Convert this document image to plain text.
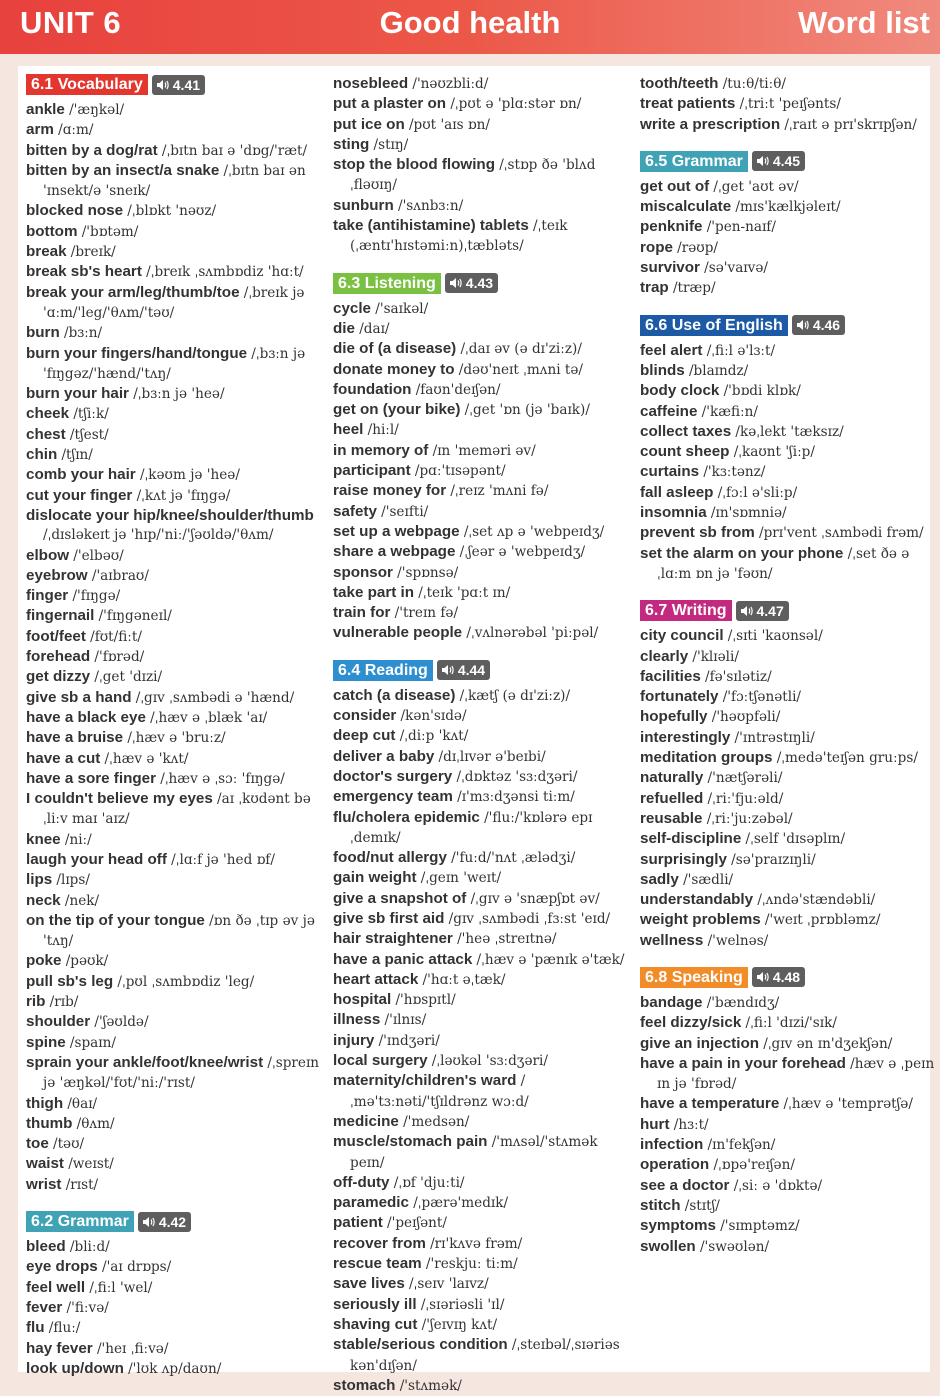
UNIT 6	Good health	Word list
6.1 Vocabulary	4.41

ankle /'æŋkəl/

arm /ɑːm/

bitten by a dog/rat /ˌbɪtn baɪ ə 'dɒg/'ræt/

bitten by an insect/a snake /ˌbɪtn baɪ ən 'ɪnsekt/ə 'sneɪk/

blocked nose /ˌblɒkt 'nəʊz/

bottom /'bɒtəm/

break /breɪk/

break sb's heart /ˌbreɪk ˌsʌmbɒdiz 'hɑːt/

break your arm/leg/thumb/toe /ˌbreɪk jə 'ɑːm/'leg/'θʌm/'təʊ/

burn /bɜːn/

burn your fingers/hand/tongue /ˌbɜːn jə 'fɪŋgəz/'hænd/'tʌŋ/

burn your hair /ˌbɜːn jə 'heə/

cheek /tʃiːk/

chest /tʃest/

chin /tʃɪn/

comb your hair /ˌkəʊm jə 'heə/

cut your finger /ˌkʌt jə 'fɪŋgə/

dislocate your hip/knee/shoulder/thumb /ˌdɪsləkeɪt jə 'hɪp/'niː/'ʃəʊldə/'θʌm/

elbow /'elbəʊ/

eyebrow /'aɪbraʊ/

finger /'fɪŋgə/

fingernail /'fɪŋgəneɪl/

foot/feet /fʊt/fiːt/

forehead /'fɒrəd/

get dizzy /ˌget 'dɪzi/

give sb a hand /ˌgɪv ˌsʌmbədi ə 'hænd/

have a black eye /ˌhæv ə ˌblæk 'aɪ/

have a bruise /ˌhæv ə 'bruːz/

have a cut /ˌhæv ə 'kʌt/

have a sore finger /ˌhæv ə ˌsɔː 'fɪŋgə/

I couldn't believe my eyes /aɪ ˌkʊdənt bəˌliːv maɪ 'aɪz/

knee /niː/

laugh your head off /ˌlɑːf jə 'hed ɒf/

lips /lɪps/

neck /nek/

on the tip of your tongue /ɒn ðə ˌtɪp əv jə 'tʌŋ/

poke /pəʊk/

pull sb's leg /ˌpʊl ˌsʌmbɒdiz 'leg/

rib /rɪb/

shoulder /'ʃəʊldə/

spine /spaɪn/

sprain your ankle/foot/knee/wrist /ˌspreɪn jə 'æŋkəl/'fʊt/'niː/'rɪst/

thigh /θaɪ/

thumb /θʌm/

toe /təʊ/

waist /weɪst/

wrist /rɪst/

6.2 Grammar	4.42

bleed /bliːd/

eye drops /'aɪ drɒps/

feel well /ˌfiːl 'wel/

fever /'fiːvə/

flu /fluː/

hay fever /'heɪ ˌfiːvə/

look up/down /'lʊk ʌp/daʊn/

nosebleed /'nəʊzbliːd/

put a plaster on /ˌpʊt ə 'plɑːstər ɒn/

put ice on /pʊt 'aɪs ɒn/

sting /stɪŋ/

stop the blood flowing /ˌstɒp ðə 'blʌd ˌfləʊɪŋ/

sunburn /'sʌnbɜːn/

take (antihistamine) tablets /ˌteɪk (ˌæntɪ'hɪstəmiːn)ˌtæbləts/

6.3 Listening	4.43

cycle /'saɪkəl/

die /daɪ/

die of (a disease) /ˌdaɪ əv (ə dɪ'ziːz)/

donate money to /dəʊ'neɪt ˌmʌni tə/

foundation /faʊn'deɪʃən/

get on (your bike) /ˌget 'ɒn (jə 'baɪk)/

heel /hiːl/

in memory of /ɪn 'meməri əv/

participant /pɑː'tɪsəpənt/

raise money for /ˌreɪz 'mʌni fə/

safety /'seɪfti/

set up a webpage /ˌset ʌp ə 'webpeɪdʒ/

share a webpage /ˌʃeər ə 'webpeɪdʒ/

sponsor /'spɒnsə/

take part in /ˌteɪk 'pɑːt ɪn/

train for /'treɪn fə/

vulnerable people /ˌvʌlnərəbəl 'piːpəl/

6.4 Reading	4.44

catch (a disease) /ˌkætʃ (ə dɪ'ziːz)/

consider /kən'sɪdə/

deep cut /ˌdiːp 'kʌt/

deliver a baby /dɪˌlɪvər ə'beɪbi/

doctor's surgery /ˌdɒktəz 'sɜːdʒəri/

emergency team /ɪ'mɜːdʒənsi tiːm/

flu/cholera epidemic /'fluː/'kɒlərə epɪˌdemɪk/

food/nut allergy /'fuːd/'nʌt ˌælədʒi/

gain weight /ˌgeɪn 'weɪt/

give a snapshot of /ˌgɪv ə 'snæpʃɒt əv/

give sb first aid /gɪv ˌsʌmbədi ˌfɜːst 'eɪd/

hair straightener /'heə ˌstreɪtnə/

have a panic attack /ˌhæv ə 'pænɪk ə'tæk/

heart attack /'hɑːt əˌtæk/

hospital /'hɒspɪtl/

illness /'ɪlnɪs/

injury /'ɪndʒəri/

local surgery /ˌləʊkəl 'sɜːdʒəri/

maternity/children's ward /ˌmə'tɜːnəti/'tʃɪldrənz wɔːd/

medicine /'medsən/

muscle/stomach pain /'mʌsəl/'stʌmək peɪn/

off-duty /ˌɒf 'djuːti/

paramedic /ˌpærə'medɪk/

patient /'peɪʃənt/

recover from /rɪ'kʌvə frəm/

rescue team /'reskjuː tiːm/

save lives /ˌseɪv 'laɪvz/

seriously ill /ˌsɪəriəsli 'ɪl/

shaving cut /'ʃeɪvɪŋ kʌt/

stable/serious condition /ˌsteɪbəl/ˌsɪəriəs kən'dɪʃən/

stomach /'stʌmək/

tooth/teeth /tuːθ/tiːθ/

treat patients /ˌtriːt 'peɪʃənts/

write a prescription /ˌraɪt ə prɪ'skrɪpʃən/

6.5 Grammar	4.45

get out of /ˌget 'aʊt əv/

miscalculate /mɪs'kælkjəleɪt/

penknife /'pen-naɪf/

rope /rəʊp/

survivor /sə'vaɪvə/

trap /træp/

6.6 Use of English	4.46

feel alert /ˌfiːl ə'lɜːt/

blinds /blaɪndz/

body clock /'bɒdi klɒk/

caffeine /'kæfiːn/

collect taxes /kəˌlekt 'tæksɪz/

count sheep /ˌkaʊnt 'ʃiːp/

curtains /'kɜːtənz/

fall asleep /ˌfɔːl ə'sliːp/

insomnia /ɪn'sɒmniə/

prevent sb from /prɪ'vent ˌsʌmbədi frəm/

set the alarm on your phone /ˌset ðə əˌlɑːm ɒn jə 'fəʊn/

6.7 Writing	4.47

city council /ˌsɪti 'kaʊnsəl/

clearly /'klɪəli/

facilities /fə'sɪlətiz/

fortunately /'fɔːtʃənətli/

hopefully /'həʊpfəli/

interestingly /'ɪntrəstɪŋli/

meditation groups /ˌmedə'teɪʃən gruːps/

naturally /'nætʃərəli/

refuelled /ˌriː'fjuːəld/

reusable /ˌriː'juːzəbəl/

self-discipline /ˌself 'dɪsəplɪn/

surprisingly /sə'praɪzɪŋli/

sadly /'sædli/

understandably /ˌʌndə'stændəbli/

weight problems /'weɪt ˌprɒbləmz/

wellness /'welnəs/

6.8 Speaking	4.48

bandage /'bændɪdʒ/

feel dizzy/sick /ˌfiːl 'dɪzi/'sɪk/

give an injection /ˌgɪv ən ɪn'dʒekʃən/

have a pain in your forehead /hæv ə ˌpeɪn ɪn jə 'fɒrəd/

have a temperature /ˌhæv ə 'temprətʃə/

hurt /hɜːt/

infection /ɪn'fekʃən/

operation /ˌɒpə'reɪʃən/

see a doctor /ˌsiː ə 'dɒktə/

stitch /stɪtʃ/

symptoms /'sɪmptəmz/

swollen /'swəʊlən/
